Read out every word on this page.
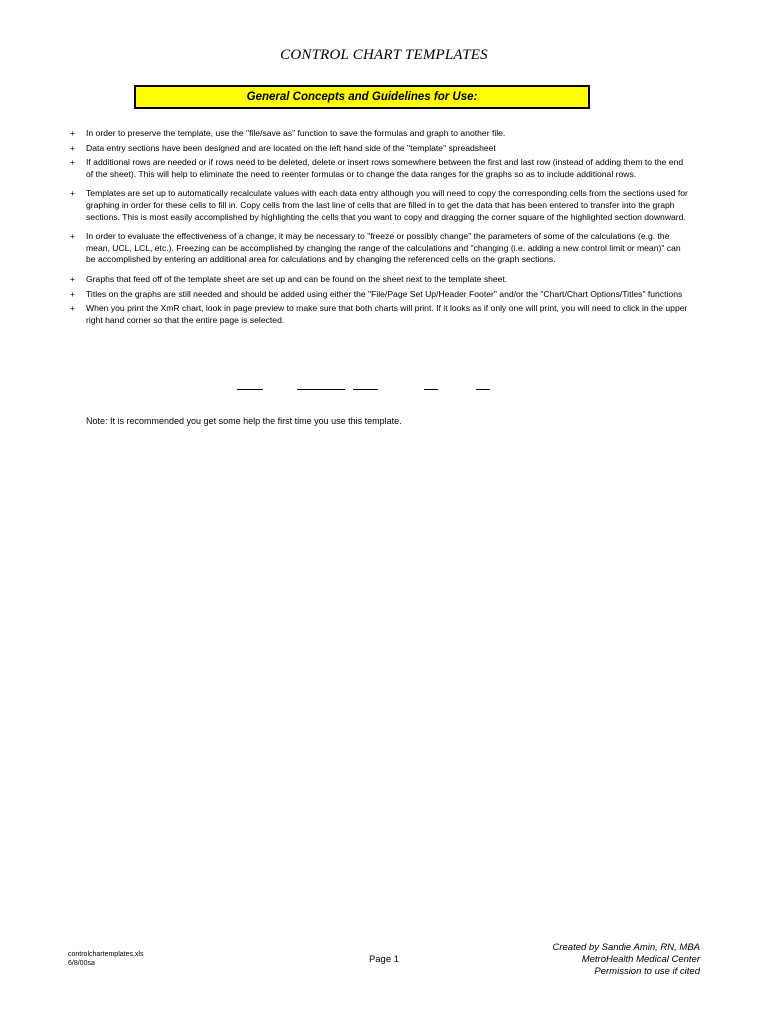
CONTROL CHART TEMPLATES
General Concepts and Guidelines for Use:
+ In order to preserve the template, use the "file/save as" function to save the formulas and graph to another file.
+ Data entry sections have been designed and are located on the left hand side of the "template" spreadsheet
+ If additional rows are needed or if rows need to be deleted, delete or insert rows somewhere between the first and last row (instead of adding them to the end of the sheet). This will help to eliminate the need to reenter formulas or to change the data ranges for the graphs so as to include additional rows.
+ Templates are set up to automatically recalculate values with each data entry although you will need to copy the corresponding cells from the sections used for graphing in order for these cells to fill in. Copy cells from the last line of cells that are filled in to get the data that has been entered to transfer into the graph sections. This is most easily accomplished by highlighting the cells that you want to copy and dragging the corner square of the highlighted section downward.
+ In order to evaluate the effectiveness of a change, it may be necessary to "freeze or possibly change" the parameters of some of the calculations (e.g. the mean, UCL, LCL, etc.). Freezing can be accomplished by changing the range of the calculations and "changing (i.e. adding a new control limit or mean)" can be accomplished by entering an additional area for calculations and by changing the referenced cells on the graph sections.
+ Graphs that feed off of the template sheet are set up and can be found on the sheet next to the template sheet.
+ Titles on the graphs are still needed and should be added using either the "File/Page Set Up/Header Footer" and/or the "Chart/Chart Options/Titles" functions
+ When you print the XmR chart, look in page preview to make sure that both charts will print. If it looks as if only one will print, you will need to click in the upper right hand corner so that the entire page is selected.
Note: It is recommended you get some help the first time you use this template.
controlchartemplates.xls
6/8/00sa	Page 1
Created by Sandie Amin, RN, MBA
MetroHealth Medical Center
Permission to use if cited
